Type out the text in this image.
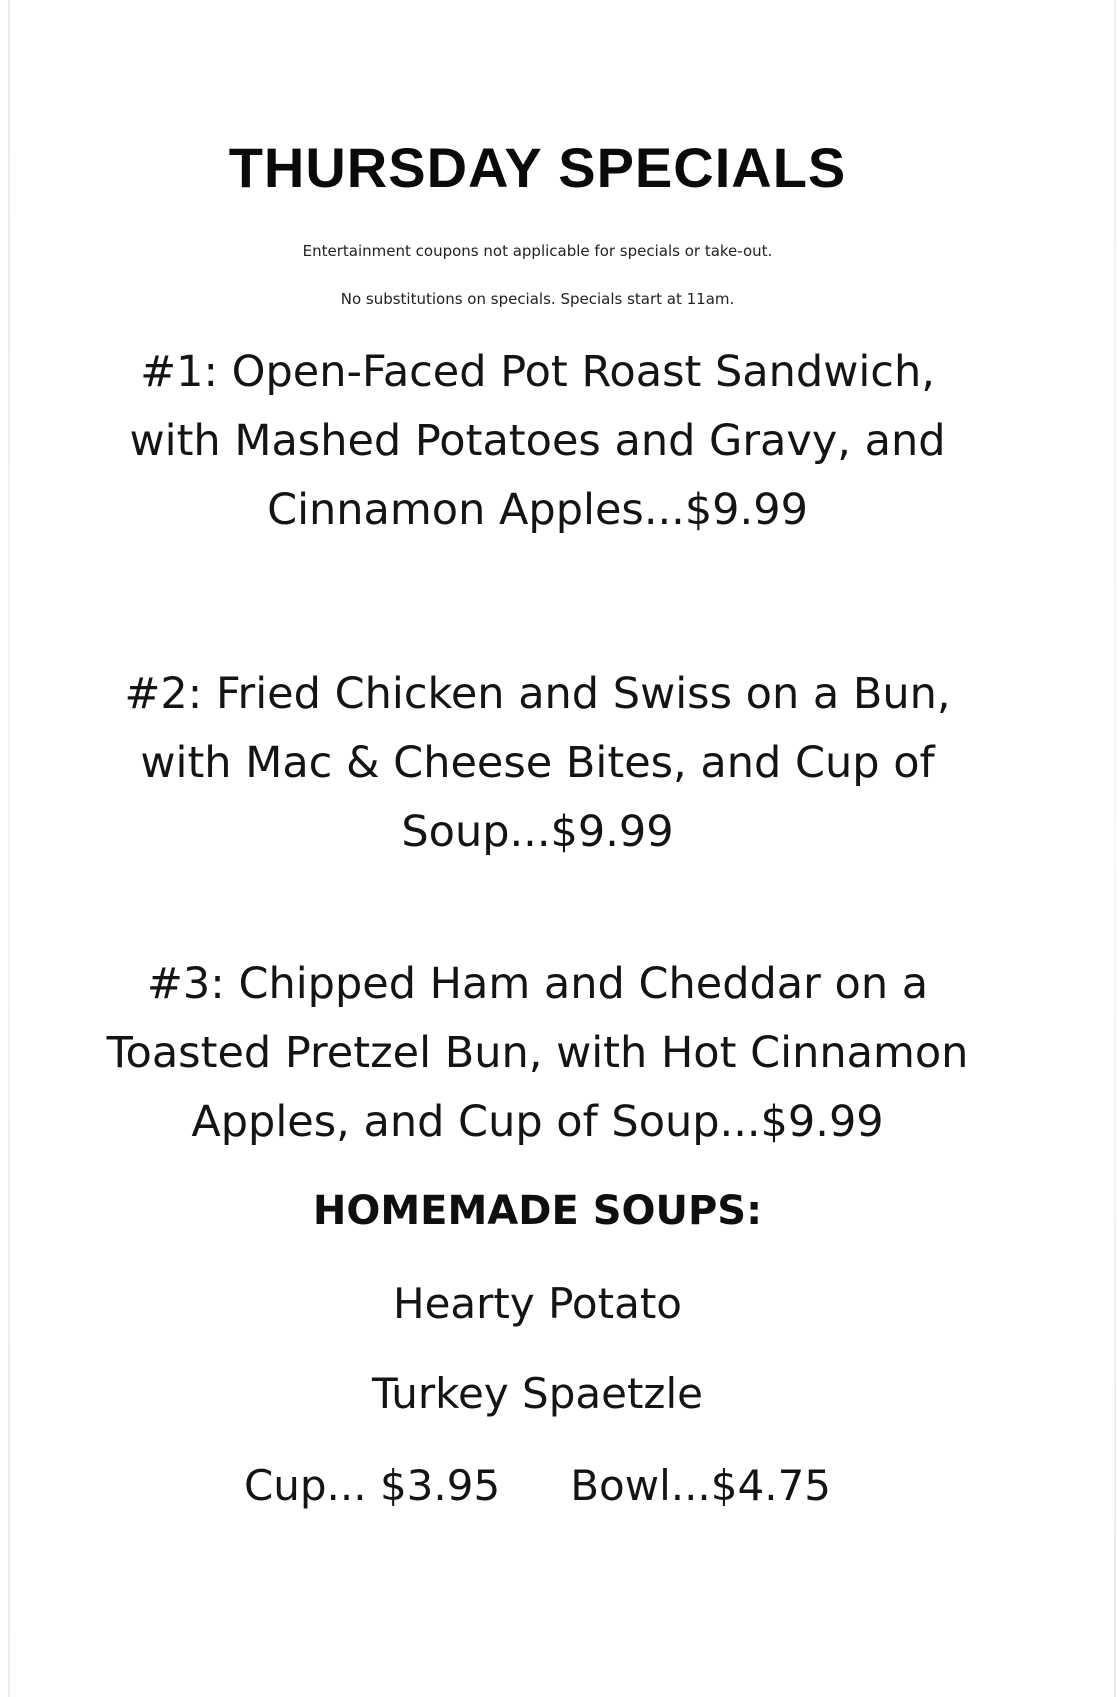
THURSDAY SPECIALS
Entertainment coupons not applicable for specials or take-out.
No substitutions on specials. Specials start at 11am.
#1: Open-Faced Pot Roast Sandwich,
with Mashed Potatoes and Gravy, and
Cinnamon Apples...$9.99
#2: Fried Chicken and Swiss on a Bun,
with Mac & Cheese Bites, and Cup of
Soup...$9.99
#3: Chipped Ham and Cheddar on a
Toasted Pretzel Bun, with Hot Cinnamon
Apples, and Cup of Soup...$9.99
HOMEMADE SOUPS:
Hearty Potato
Turkey Spaetzle
Cup... $3.95 Bowl...$4.75
